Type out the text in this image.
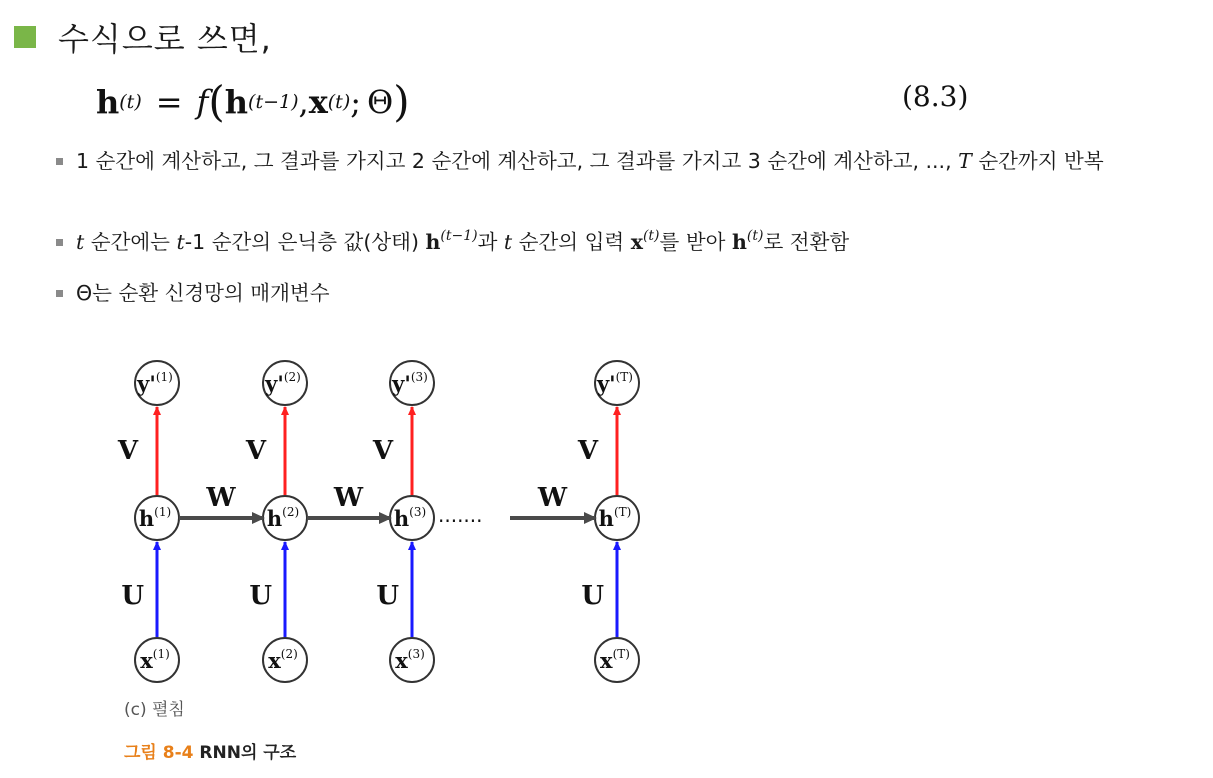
수식으로 쓰면,
h (t) = f ( h (t−1) , x (t) ; Θ )	(8.3)
1 순간에 계산하고, 그 결과를 가지고 2 순간에 계산하고, 그 결과를 가지고 3 순간에 계산하고, ..., T 순간까지 반복
t 순간에는 t-1 순간의 은닉층 값(상태) $h^{(t-1)}$과 t 순간의 입력 $x^{(t)}$를 받아 $h^{(t)}$로 전환함
Θ는 순환 신경망의 매개변수
$y'^{(1)}$
$h^{(1)}$
$x^{(1)}$
V
U
$y'^{(2)}$
$h^{(2)}$
$x^{(2)}$
V
U
$y'^{(3)}$
$h^{(3)}$
$x^{(3)}$
V
U
$y'^{(T)}$
$h^{(T)}$
$x^{(T)}$
V
U
W	W	W
.......
(c) 펼침
그림 8-4 RNN의 구조
